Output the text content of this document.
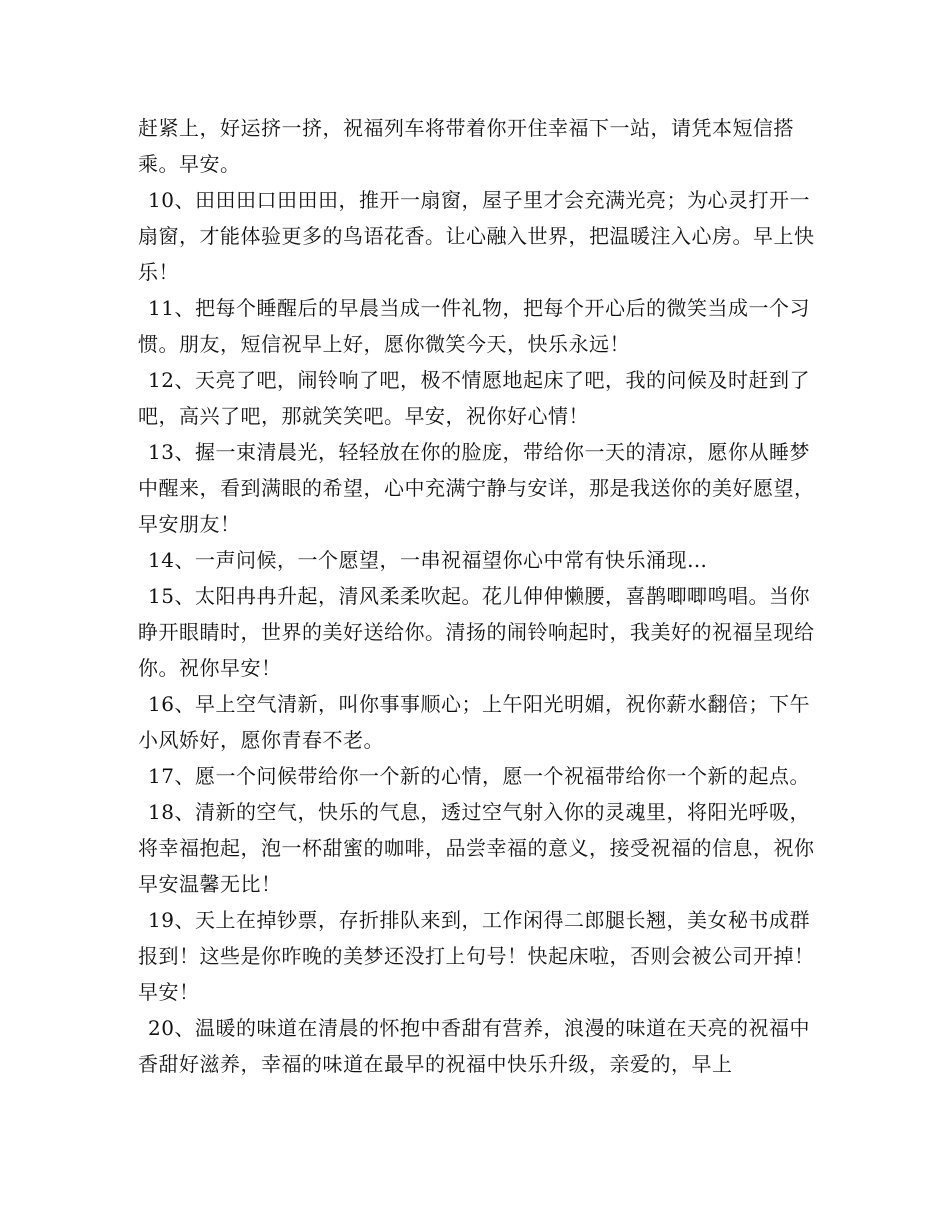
赶紧上，好运挤一挤，祝福列车将带着你开住幸福下一站，请凭本短信搭乘。早安。

10、田田田口田田田，推开一扇窗，屋子里才会充满光亮；为心灵打开一扇窗，才能体验更多的鸟语花香。让心融入世界，把温暖注入心房。早上快乐！

11、把每个睡醒后的早晨当成一件礼物，把每个开心后的微笑当成一个习惯。朋友，短信祝早上好，愿你微笑今天，快乐永远！

12、天亮了吧，闹铃响了吧，极不情愿地起床了吧，我的问候及时赶到了吧，高兴了吧，那就笑笑吧。早安，祝你好心情！

13、握一束清晨光，轻轻放在你的脸庞，带给你一天的清凉，愿你从睡梦中醒来，看到满眼的希望，心中充满宁静与安详，那是我送你的美好愿望，早安朋友！

14、一声问候，一个愿望，一串祝福望你心中常有快乐涌现…

15、太阳冉冉升起，清风柔柔吹起。花儿伸伸懒腰，喜鹊唧唧鸣唱。当你睁开眼睛时，世界的美好送给你。清扬的闹铃响起时，我美好的祝福呈现给你。祝你早安！

16、早上空气清新，叫你事事顺心；上午阳光明媚，祝你薪水翻倍；下午小风娇好，愿你青春不老。

17、愿一个问候带给你一个新的心情，愿一个祝福带给你一个新的起点。

18、清新的空气，快乐的气息，透过空气射入你的灵魂里，将阳光呼吸，将幸福抱起，泡一杯甜蜜的咖啡，品尝幸福的意义，接受祝福的信息，祝你早安温馨无比！

19、天上在掉钞票，存折排队来到，工作闲得二郎腿长翘，美女秘书成群报到！这些是你昨晚的美梦还没打上句号！快起床啦，否则会被公司开掉！早安！

20、温暖的味道在清晨的怀抱中香甜有营养，浪漫的味道在天亮的祝福中香甜好滋养，幸福的味道在最早的祝福中快乐升级，亲爱的，早上
